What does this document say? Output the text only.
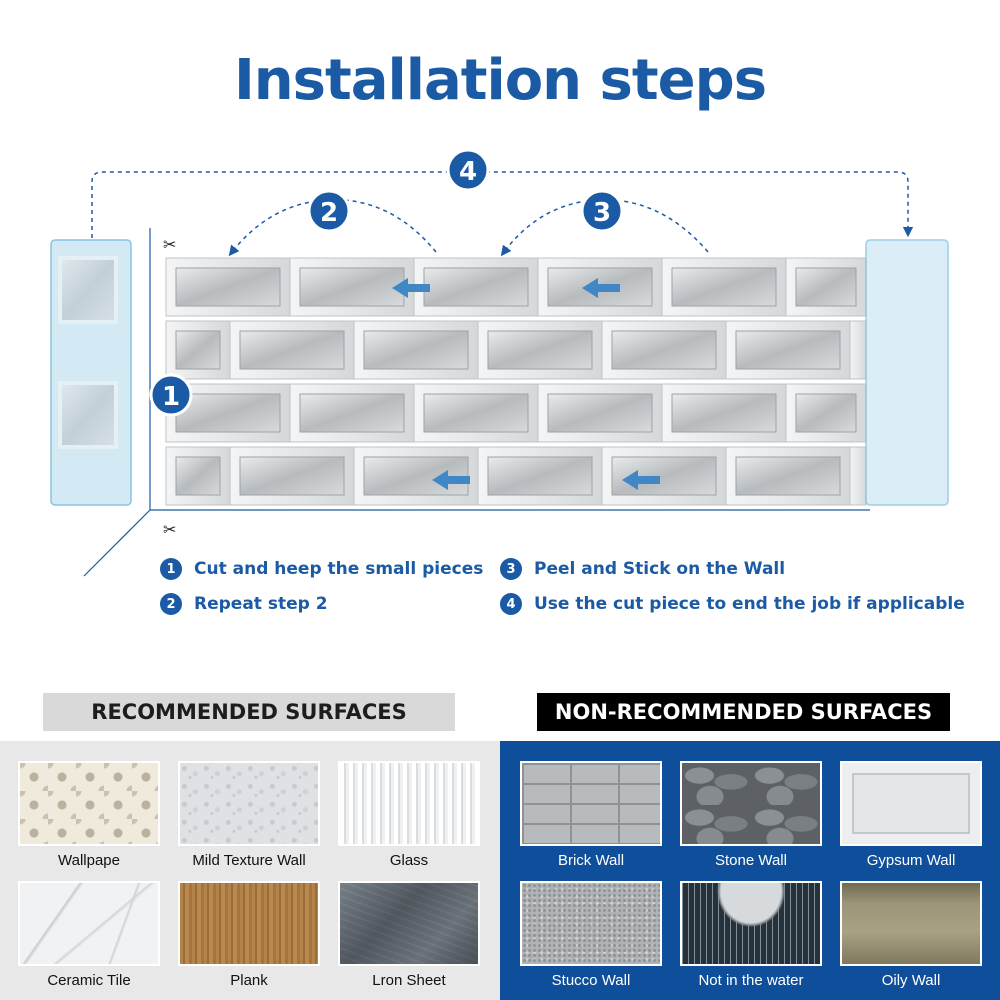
Installation steps
4
2	3
1
✂
✂
1	Cut and heep the small pieces
2	Repeat step 2
3	Peel and Stick on the Wall
4	Use the cut piece to end the job if applicable
RECOMMENDED SURFACES	NON-RECOMMENDED SURFACES
Wallpape	Mild Texture Wall	Glass
Ceramic Tile	Plank	Lron Sheet
Brick Wall	Stone Wall	Gypsum Wall
Stucco Wall	Not in the water	Oily Wall
